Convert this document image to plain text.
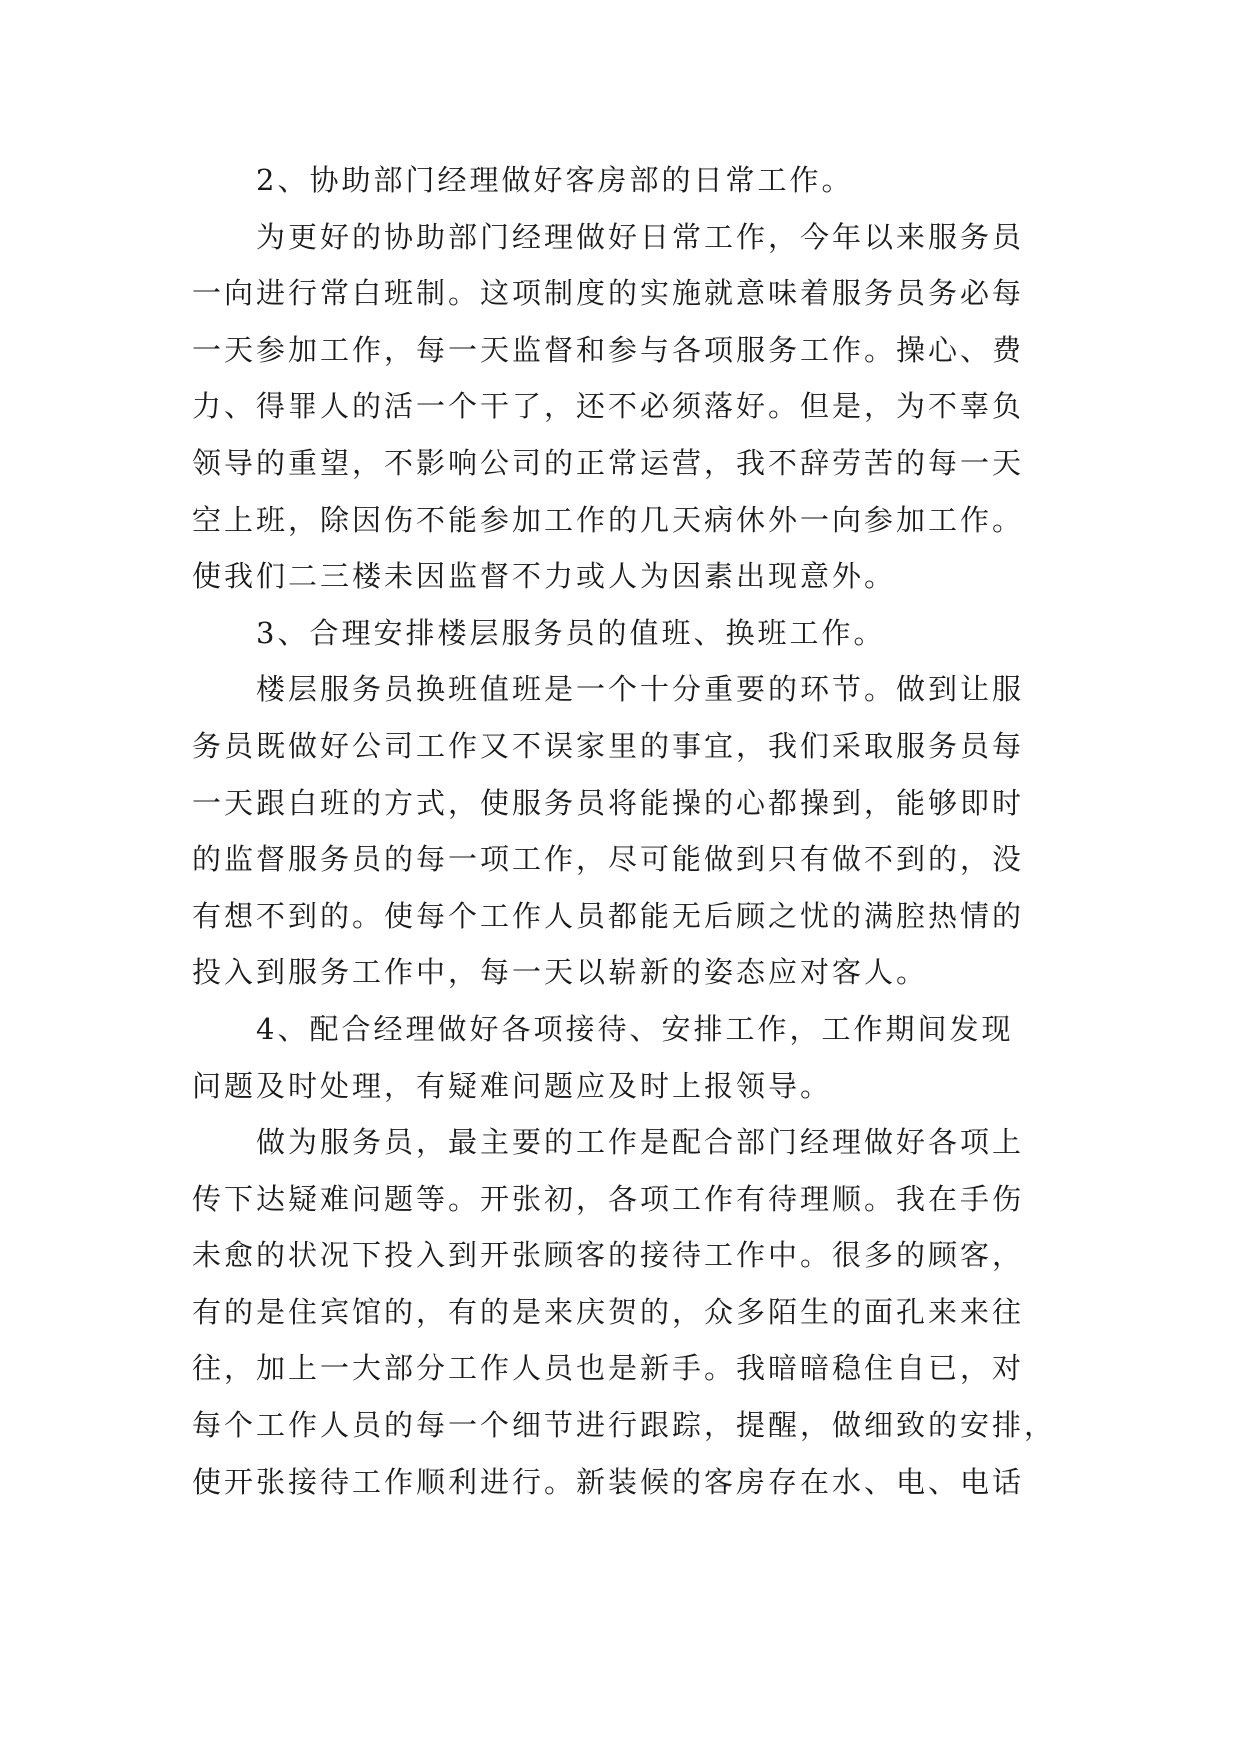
2、协助部门经理做好客房部的日常工作。
为更好的协助部门经理做好日常工作，今年以来服务员
一向进行常白班制。这项制度的实施就意味着服务员务必每
一天参加工作，每一天监督和参与各项服务工作。操心、费
力、得罪人的活一个干了，还不必须落好。但是，为不辜负
领导的重望，不影响公司的正常运营，我不辞劳苦的每一天
空上班，除因伤不能参加工作的几天病休外一向参加工作。
使我们二三楼未因监督不力或人为因素出现意外。
3、合理安排楼层服务员的值班、换班工作。
楼层服务员换班值班是一个十分重要的环节。做到让服
务员既做好公司工作又不误家里的事宜，我们采取服务员每
一天跟白班的方式，使服务员将能操的心都操到，能够即时
的监督服务员的每一项工作，尽可能做到只有做不到的，没
有想不到的。使每个工作人员都能无后顾之忧的满腔热情的
投入到服务工作中，每一天以崭新的姿态应对客人。
4、配合经理做好各项接待、安排工作，工作期间发现
问题及时处理，有疑难问题应及时上报领导。
做为服务员，最主要的工作是配合部门经理做好各项上
传下达疑难问题等。开张初，各项工作有待理顺。我在手伤
未愈的状况下投入到开张顾客的接待工作中。很多的顾客，
有的是住宾馆的，有的是来庆贺的，众多陌生的面孔来来往
往，加上一大部分工作人员也是新手。我暗暗稳住自已，对
每个工作人员的每一个细节进行跟踪，提醒，做细致的安排，
使开张接待工作顺利进行。新装候的客房存在水、电、电话
